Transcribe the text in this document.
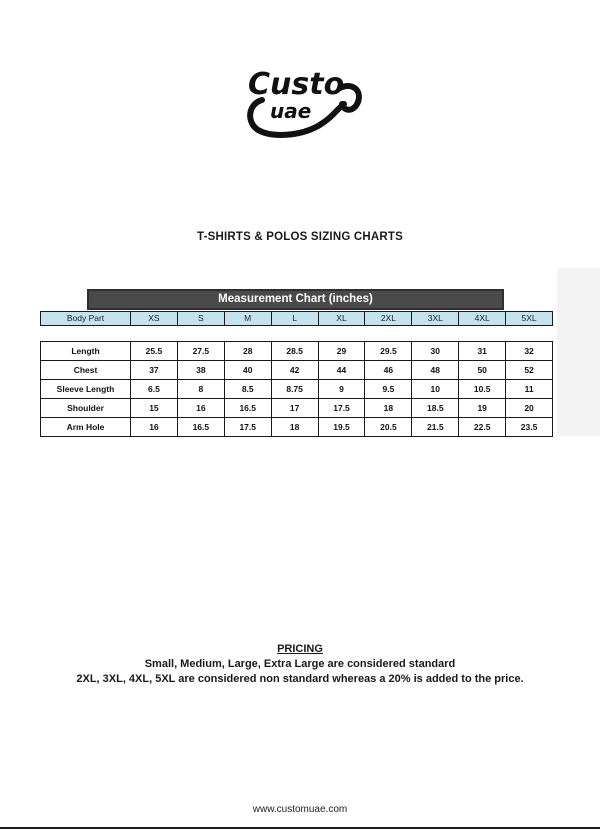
Custo
uae
T-SHIRTS & POLOS SIZING CHARTS
Measurement Chart (inches)
Body Part	XS	S	M	L	XL	2XL	3XL	4XL	5XL
Length	25.5	27.5	28	28.5	29	29.5	30	31	32
Chest	37	38	40	42	44	46	48	50	52
Sleeve Length	6.5	8	8.5	8.75	9	9.5	10	10.5	11
Shoulder	15	16	16.5	17	17.5	18	18.5	19	20
Arm Hole	16	16.5	17.5	18	19.5	20.5	21.5	22.5	23.5
PRICING
Small, Medium, Large, Extra Large are considered standard
2XL, 3XL, 4XL, 5XL are considered non standard whereas a 20% is added to the price.
www.customuae.com
